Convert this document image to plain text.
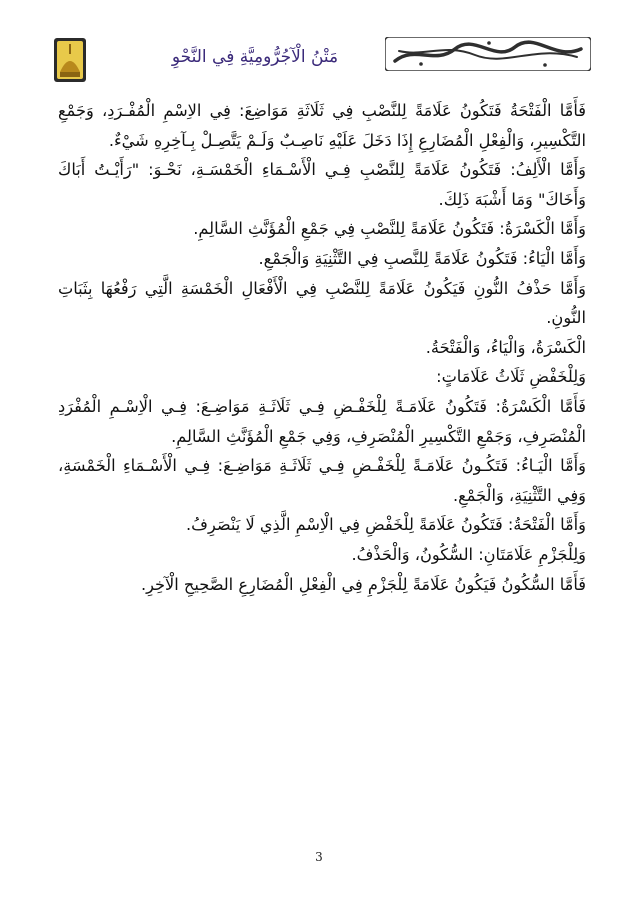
مَتْنُ الْآجُرُّومِيَّةِ فِي النَّحْوِ

فَأَمَّا الْفَتْحَةُ فَتَكُونُ عَلَامَةً لِلنَّصْبِ فِي ثَلَاثَةِ مَوَاضِعَ: فِي الاِسْمِ الْمُفْـرَدِ، وَجَمْعِ التَّكْسِيرِ، وَالْفِعْلِ الْمُضَارِعِ إِذَا دَخَلَ عَلَيْهِ نَاصِـبٌ وَلَـمْ يَتَّصِـلْ بِـآخِرِهِ شَيْءٌ.

وَأَمَّا الْأَلِفُ: فَتَكُونُ عَلَامَةً لِلنَّصْبِ فِـي الْأَسْـمَاءِ الْخَمْسَـةِ، نَحْـوَ: "رَأَيْـتُ أَبَاكَ وَأَخَاكَ" وَمَا أَشْبَهَ ذَلِكَ.

وَأَمَّا الْكَسْرَةُ: فَتَكُونُ عَلَامَةً لِلنَّصْبِ فِي جَمْعِ الْمُؤَنَّثِ السَّالِمِ.

وَأَمَّا الْيَاءُ: فَتَكُونُ عَلَامَةً لِلنَّصبِ فِي التَّثْنِيَةِ وَالْجَمْعِ.

وَأَمَّا حَذْفُ النُّونِ فَيَكُونُ عَلَامَةً لِلنَّصْبِ فِي الْأَفْعَالِ الْخَمْسَةِ الَّتِي رَفْعُهَا بِثَبَاتِ النُّونِ.

الْكَسْرَةُ، وَالْيَاءُ، وَالْفَتْحَةُ.

وَلِلْخَفْضِ ثَلَاثُ عَلَامَاتٍ:

فَأَمَّا الْكَسْرَةُ: فَتَكُونُ عَلَامَـةً لِلْخَفْـضِ فِـي ثَلَاثَـةِ مَوَاضِـعَ: فِـي الْاِسْـمِ الْمُفْرَدِ الْمُنْصَرِفِ، وَجَمْعِ التَّكْسِيرِ الْمُنْصَرِفِ، وَفِي جَمْعِ الْمُؤَنَّثِ السَّالِمِ.

وَأَمَّا الْيَـاءُ: فَتَكُـونُ عَلَامَـةً لِلْخَفْـضِ فِـي ثَلَاثَـةِ مَوَاضِـعَ: فِـي الْأَسْـمَاءِ الْخَمْسَةِ، وَفِي التَّثْنِيَةِ، وَالْجَمْعِ.

وَأَمَّا الْفَتْحَةُ: فَتَكُونُ عَلَامَةً لِلْخَفْضِ فِي الْاِسْمِ الَّذِي لَا يَنْصَرِفُ.

وَلِلْجَزْمِ عَلَامَتَانِ: السُّكُونُ، وَالْحَذْفُ.

فَأَمَّا السُّكُونُ فَيَكُونُ عَلَامَةً لِلْجَزْمِ فِي الْفِعْلِ الْمُضَارِعِ الصَّحِيحِ الْآخِرِ.

3
